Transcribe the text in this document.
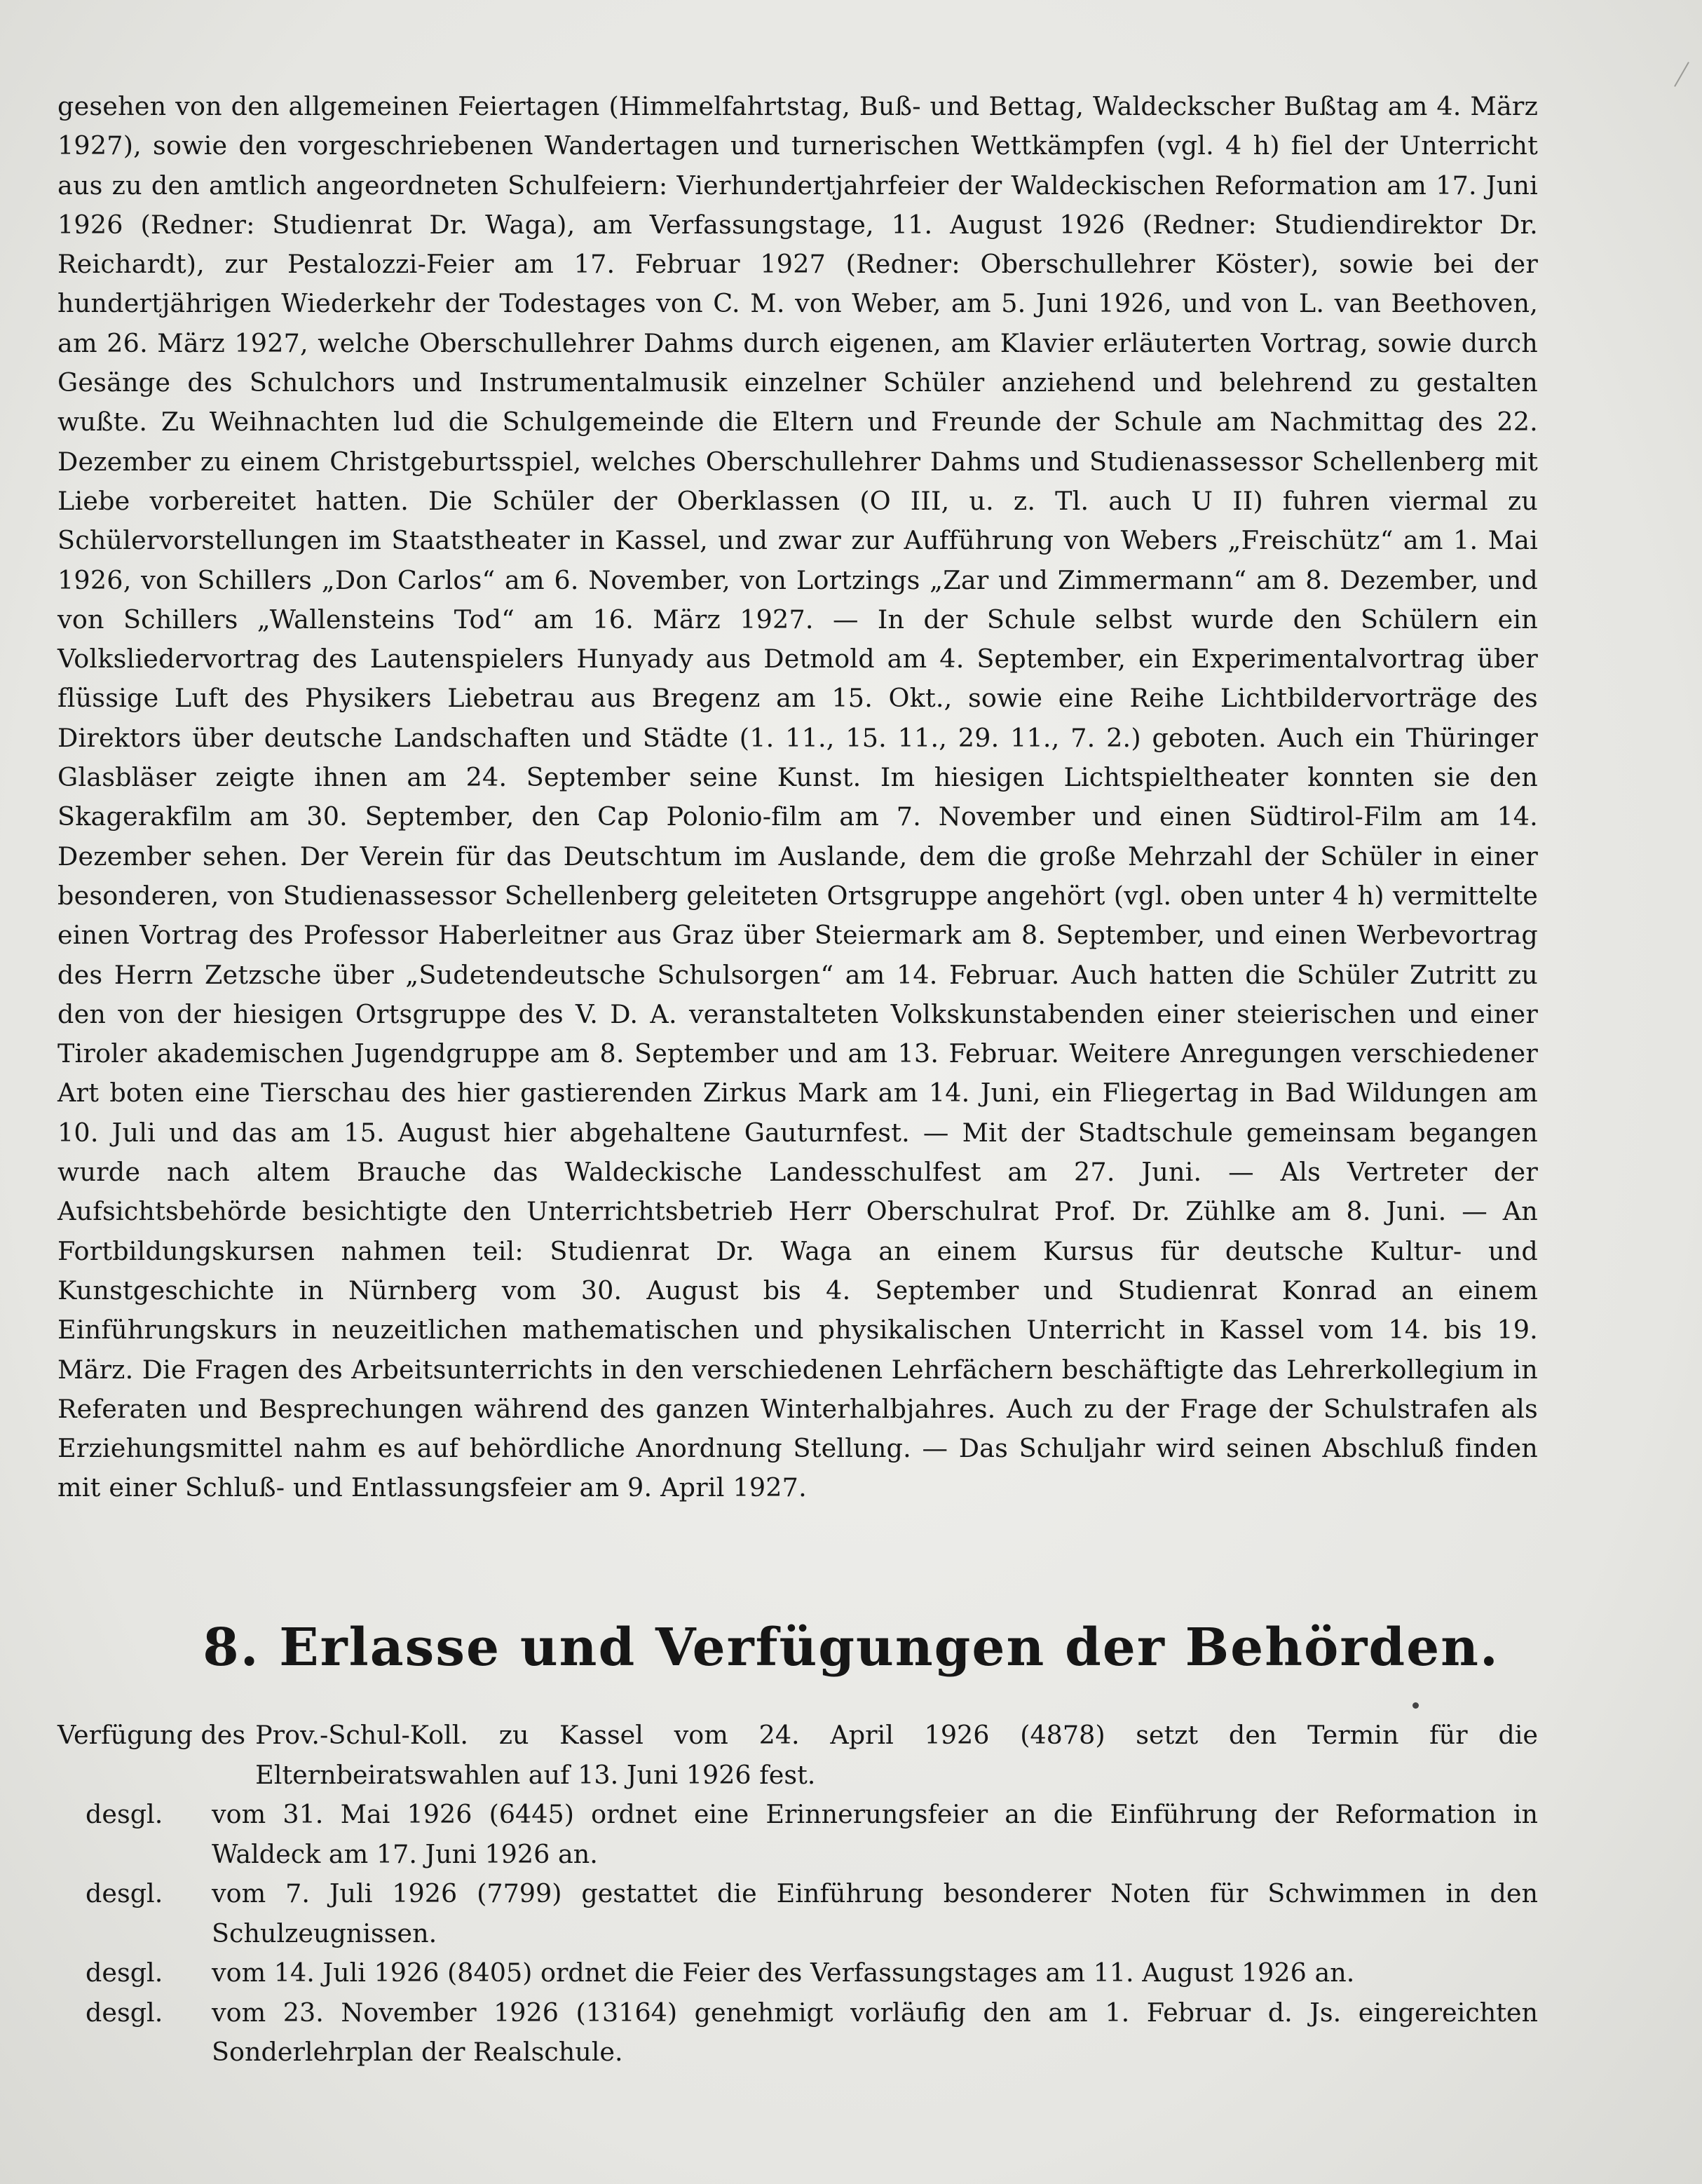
gesehen von den allgemeinen Feiertagen (Himmelfahrtstag, Buß- und Bettag, Waldeckscher Bußtag am 4. März 1927), sowie den vorgeschriebenen Wandertagen und turnerischen Wettkämpfen (vgl. 4 h) fiel der Unterricht aus zu den amtlich angeordneten Schulfeiern: Vierhundertjahrfeier der Waldeckischen Reformation am 17. Juni 1926 (Redner: Studienrat Dr. Waga), am Verfassungstage, 11. August 1926 (Redner: Studiendirektor Dr. Reichardt), zur Pestalozzi-Feier am 17. Februar 1927 (Redner: Oberschullehrer Köster), sowie bei der hundertjährigen Wiederkehr der Todestages von C. M. von Weber, am 5. Juni 1926, und von L. van Beethoven, am 26. März 1927, welche Oberschullehrer Dahms durch eigenen, am Klavier erläuterten Vortrag, sowie durch Gesänge des Schulchors und Instrumentalmusik einzelner Schüler anziehend und belehrend zu gestalten wußte. Zu Weihnachten lud die Schulgemeinde die Eltern und Freunde der Schule am Nachmittag des 22. Dezember zu einem Christgeburtsspiel, welches Oberschullehrer Dahms und Studienassessor Schellenberg mit Liebe vorbereitet hatten. Die Schüler der Oberklassen (O III, u. z. Tl. auch U II) fuhren viermal zu Schülervorstellungen im Staatstheater in Kassel, und zwar zur Aufführung von Webers „Freischütz“ am 1. Mai 1926, von Schillers „Don Carlos“ am 6. November, von Lortzings „Zar und Zimmermann“ am 8. Dezember, und von Schillers „Wallensteins Tod“ am 16. März 1927. — In der Schule selbst wurde den Schülern ein Volksliedervortrag des Lautenspielers Hunyady aus Detmold am 4. September, ein Experimentalvortrag über flüssige Luft des Physikers Liebetrau aus Bregenz am 15. Okt., sowie eine Reihe Lichtbildervorträge des Direktors über deutsche Landschaften und Städte (1. 11., 15. 11., 29. 11., 7. 2.) geboten. Auch ein Thüringer Glasbläser zeigte ihnen am 24. September seine Kunst. Im hiesigen Lichtspieltheater konnten sie den Skagerakfilm am 30. September, den Cap Polonio-film am 7. November und einen Südtirol-Film am 14. Dezember sehen. Der Verein für das Deutschtum im Auslande, dem die große Mehrzahl der Schüler in einer besonderen, von Studienassessor Schellenberg geleiteten Ortsgruppe angehört (vgl. oben unter 4 h) vermittelte einen Vortrag des Professor Haberleitner aus Graz über Steiermark am 8. September, und einen Werbevortrag des Herrn Zetzsche über „Sudetendeutsche Schulsorgen“ am 14. Februar. Auch hatten die Schüler Zutritt zu den von der hiesigen Ortsgruppe des V. D. A. veranstalteten Volkskunstabenden einer steierischen und einer Tiroler akademischen Jugendgruppe am 8. September und am 13. Februar. Weitere Anregungen verschiedener Art boten eine Tierschau des hier gastierenden Zirkus Mark am 14. Juni, ein Fliegertag in Bad Wildungen am 10. Juli und das am 15. August hier abgehaltene Gauturnfest. — Mit der Stadtschule gemeinsam begangen wurde nach altem Brauche das Waldeckische Landesschulfest am 27. Juni. — Als Vertreter der Aufsichtsbehörde besichtigte den Unterrichtsbetrieb Herr Oberschulrat Prof. Dr. Zühlke am 8. Juni. — An Fortbildungskursen nahmen teil: Studienrat Dr. Waga an einem Kursus für deutsche Kultur- und Kunstgeschichte in Nürnberg vom 30. August bis 4. September und Studienrat Konrad an einem Einführungskurs in neuzeitlichen mathematischen und physikalischen Unterricht in Kassel vom 14. bis 19. März. Die Fragen des Arbeitsunterrichts in den verschiedenen Lehrfächern beschäftigte das Lehrerkollegium in Referaten und Besprechungen während des ganzen Winterhalbjahres. Auch zu der Frage der Schulstrafen als Erziehungsmittel nahm es auf behördliche Anordnung Stellung. — Das Schuljahr wird seinen Abschluß finden mit einer Schluß- und Entlassungsfeier am 9. April 1927.

8. Erlasse und Verfügungen der Behörden.
Verfügung des Prov.-Schul-Koll. zu Kassel vom 24. April 1926 (4878) setzt den Termin für die Elternbeiratswahlen auf 13. Juni 1926 fest.
desgl.	vom 31. Mai 1926 (6445) ordnet eine Erinnerungsfeier an die Einführung der Reformation in Waldeck am 17. Juni 1926 an.
desgl.	vom 7. Juli 1926 (7799) gestattet die Einführung besonderer Noten für Schwimmen in den Schulzeugnissen.
desgl.	vom 14. Juli 1926 (8405) ordnet die Feier des Verfassungstages am 11. August 1926 an.
desgl.	vom 23. November 1926 (13164) genehmigt vorläufig den am 1. Februar d. Js. eingereichten Sonderlehrplan der Realschule.
